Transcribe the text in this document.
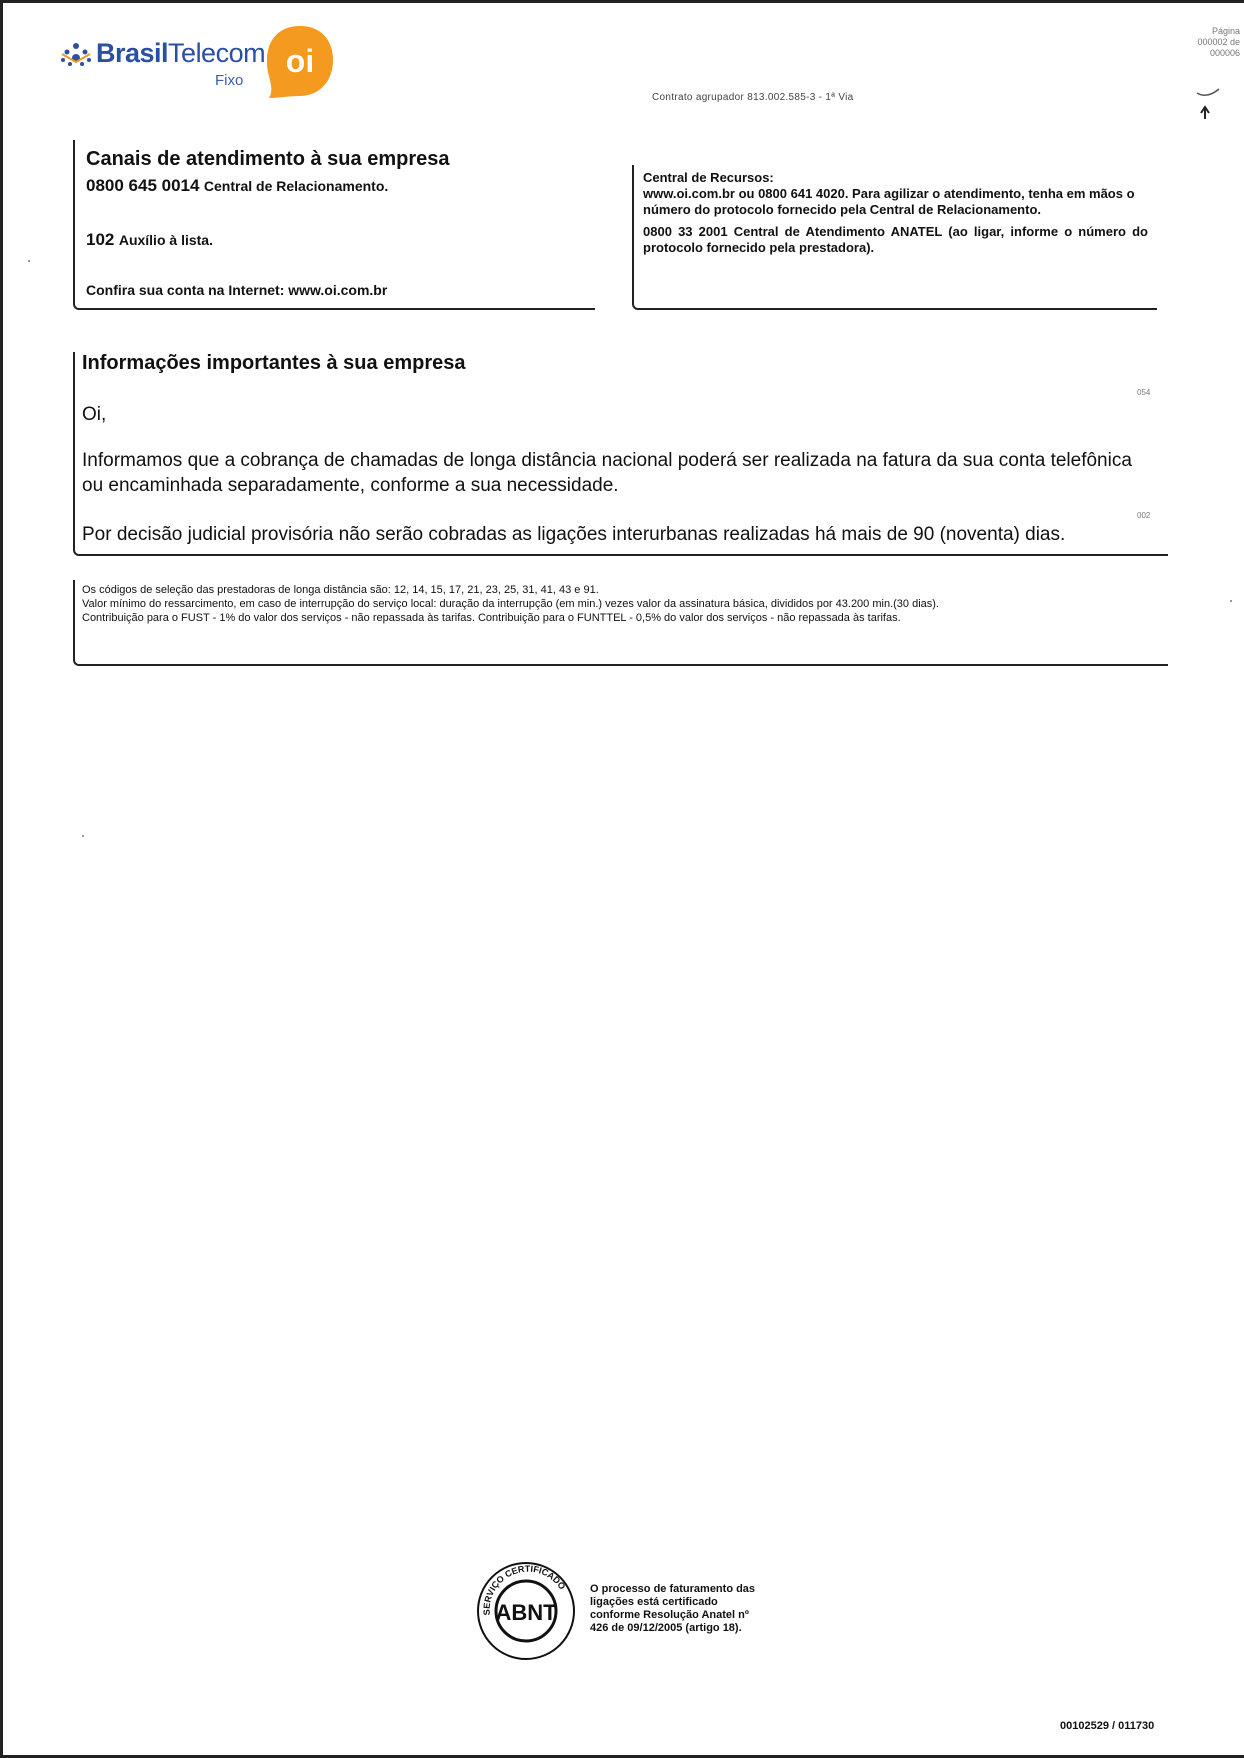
BrasilTelecom
Fixo
oi
Contrato agrupador 813.002.585-3 - 1ª Via
Página
000002 de
000006
Canais de atendimento à sua empresa
0800 645 0014 Central de Relacionamento.
102 Auxílio à lista.
Confira sua conta na Internet: www.oi.com.br

Central de Recursos:

www.oi.com.br ou 0800 641 4020. Para agilizar o atendimento, tenha em mãos o número do protocolo fornecido pela Central de Relacionamento.

0800 33 2001 Central de Atendimento ANATEL (ao ligar, informe o número do protocolo fornecido pela prestadora).

Informações importantes à sua empresa
054
Oi,
Informamos que a cobrança de chamadas de longa distância nacional poderá ser realizada na fatura da sua conta telefônica ou encaminhada separadamente, conforme a sua necessidade.
002
Por decisão judicial provisória não serão cobradas as ligações interurbanas realizadas há mais de 90 (noventa) dias.
Os códigos de seleção das prestadoras de longa distância são: 12, 14, 15, 17, 21, 23, 25, 31, 41, 43 e 91.
Valor mínimo do ressarcimento, em caso de interrupção do serviço local: duração da interrupção (em min.) vezes valor da assinatura básica, divididos por 43.200 min.(30 dias).
Contribuição para o FUST - 1% do valor dos serviços - não repassada às tarifas. Contribuição para o FUNTTEL - 0,5% do valor dos serviços - não repassada às tarifas.
SERVIÇO CERTIFICADO
ABNT
O processo de faturamento das ligações está certificado conforme Resolução Anatel nº 426 de 09/12/2005 (artigo 18).
00102529 / 011730
